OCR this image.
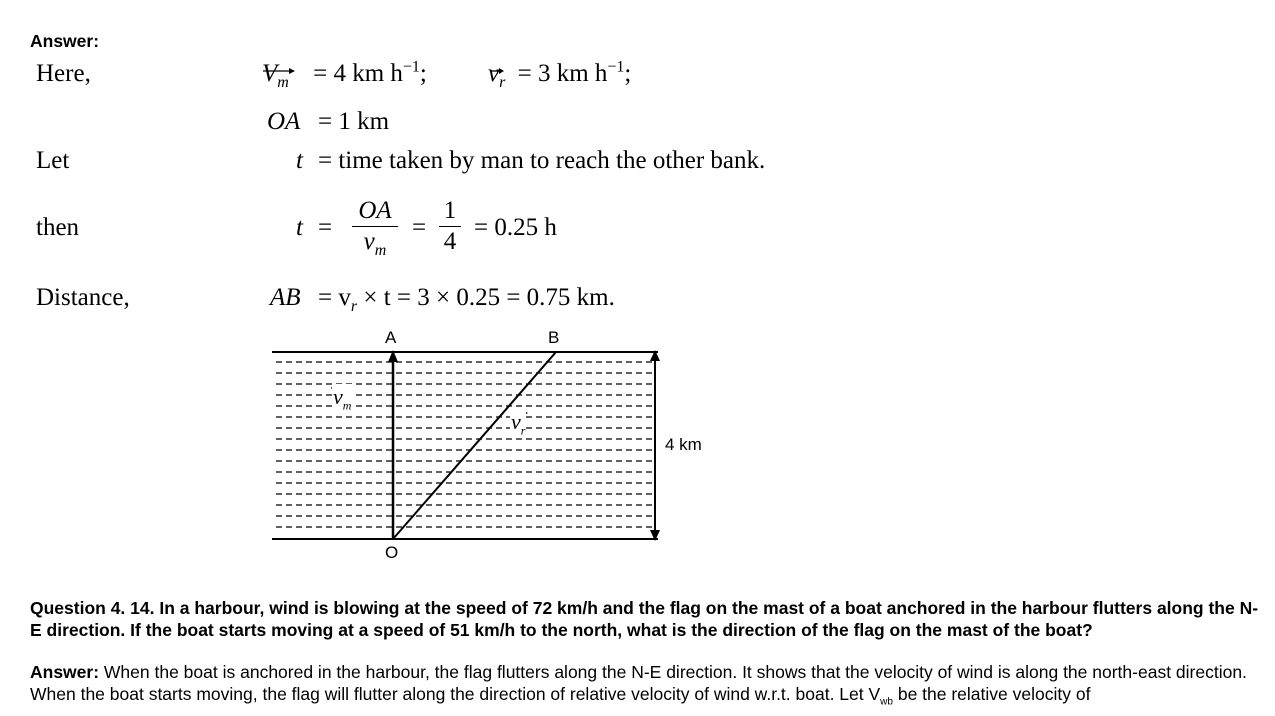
Answer:
Here,	$V_m = 4$ km $h^{-1}$; $v_r = 3$ km $h^{-1}$;
OA = 1 km
Let	t = time taken by man to reach the other bank.
then	$t = \frac{OA}{v_m} = \frac{1}{4} = 0.25$ h
Distance,	AB = $v_r \times t = 3 \times 0.25 = 0.75$ km.
A	B
O
$v_m$
$v_r$
4 km
Question 4. 14. In a harbour, wind is blowing at the speed of 72 km/h and the flag on the mast of a boat anchored in the harbour flutters along the N-E direction. If the boat starts moving at a speed of 51 km/h to the north, what is the direction of the flag on the mast of the boat?
Answer: When the boat is anchored in the harbour, the flag flutters along the N-E direction. It shows that the velocity of wind is along the north-east direction. When the boat starts moving, the flag will flutter along the direction of relative velocity of wind w.r.t. boat. Let $V_{wb}$ be the relative velocity of
